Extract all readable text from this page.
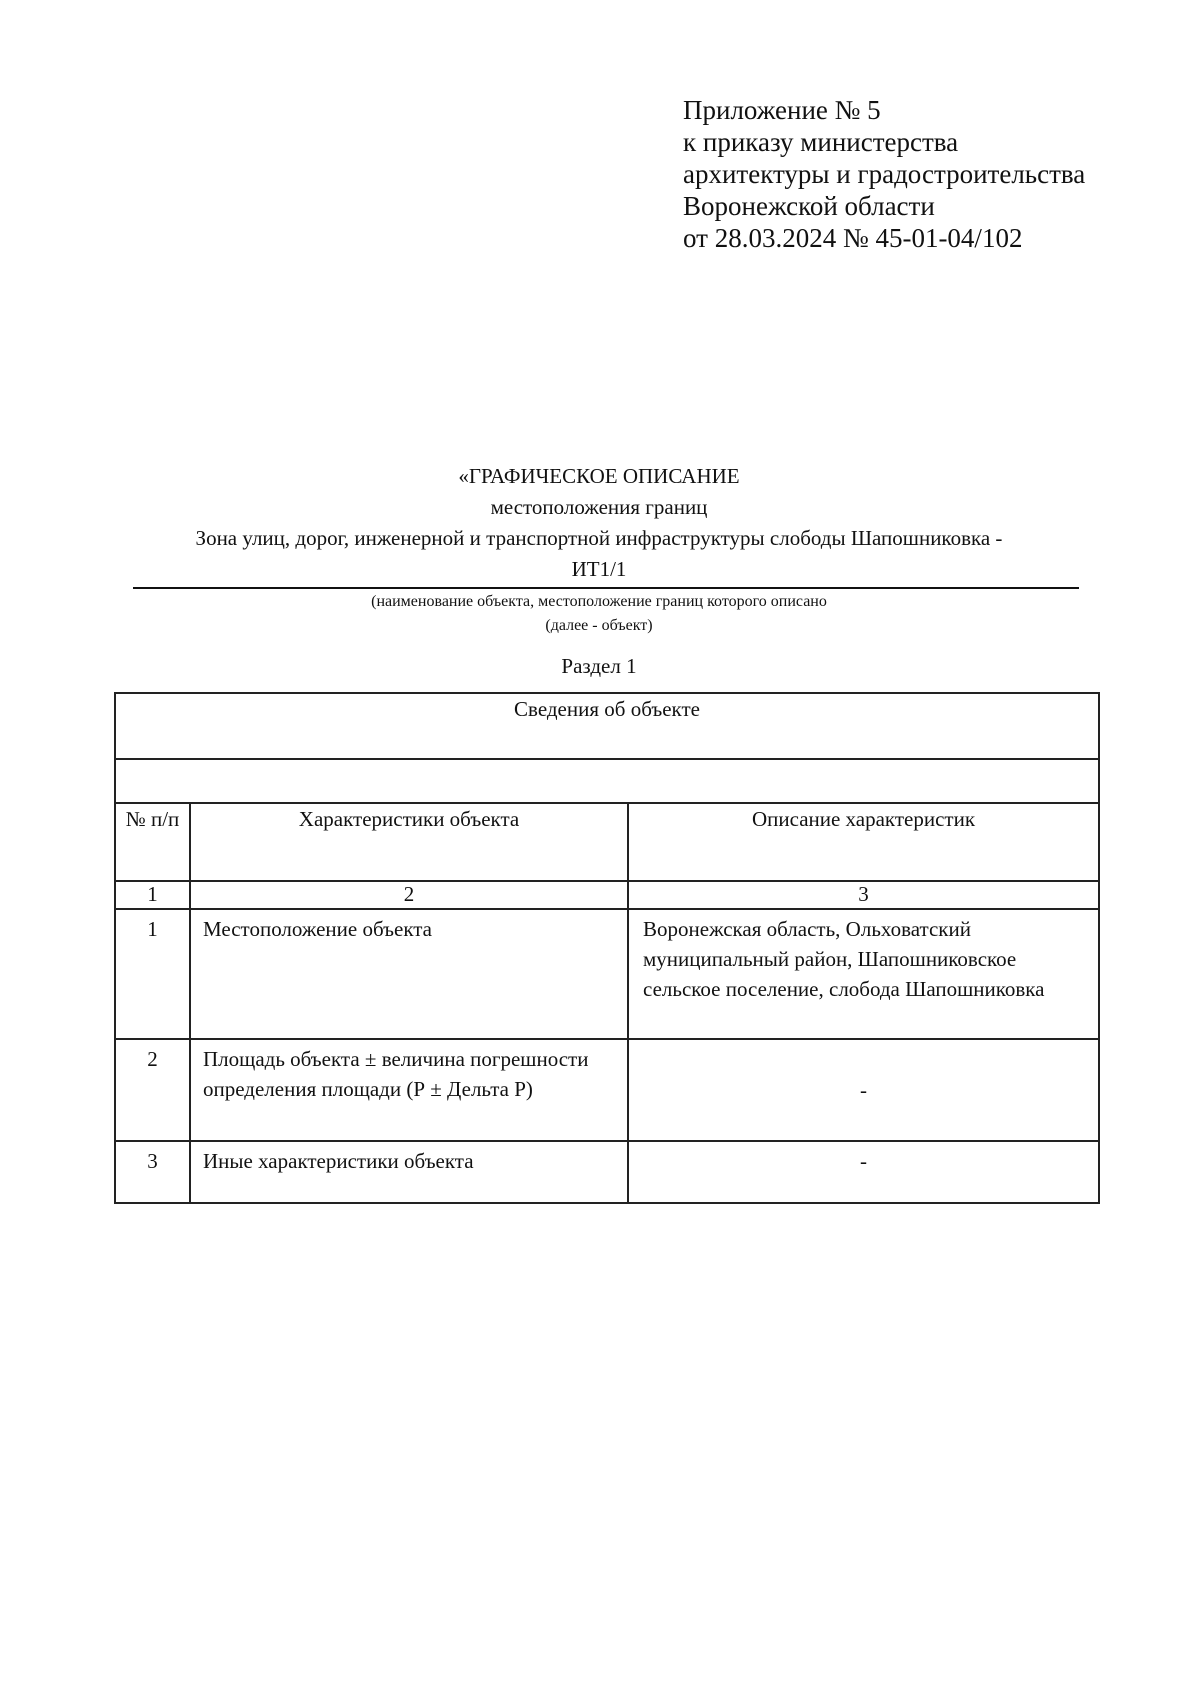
Приложение № 5
к приказу министерства
архитектуры и градостроительства
Воронежской области
от 28.03.2024 № 45-01-04/102
«ГРАФИЧЕСКОЕ ОПИСАНИЕ
местоположения границ
Зона улиц, дорог, инженерной и транспортной инфраструктуры слободы Шапошниковка -
ИТ1/1
(наименование объекта, местоположение границ которого описано
(далее - объект)
Раздел 1
Сведения об объекте		

№ п/п	Характеристики объекта	Описание характеристик
1	2	3
1	Местоположение объекта	Воронежская область, Ольховатский муниципальный район, Шапошниковское сельское поселение, слобода Шапошниковка
2	Площадь объекта ± величина погрешности определения площади (Р ± Дельта Р)	-
3	Иные характеристики объекта	-
